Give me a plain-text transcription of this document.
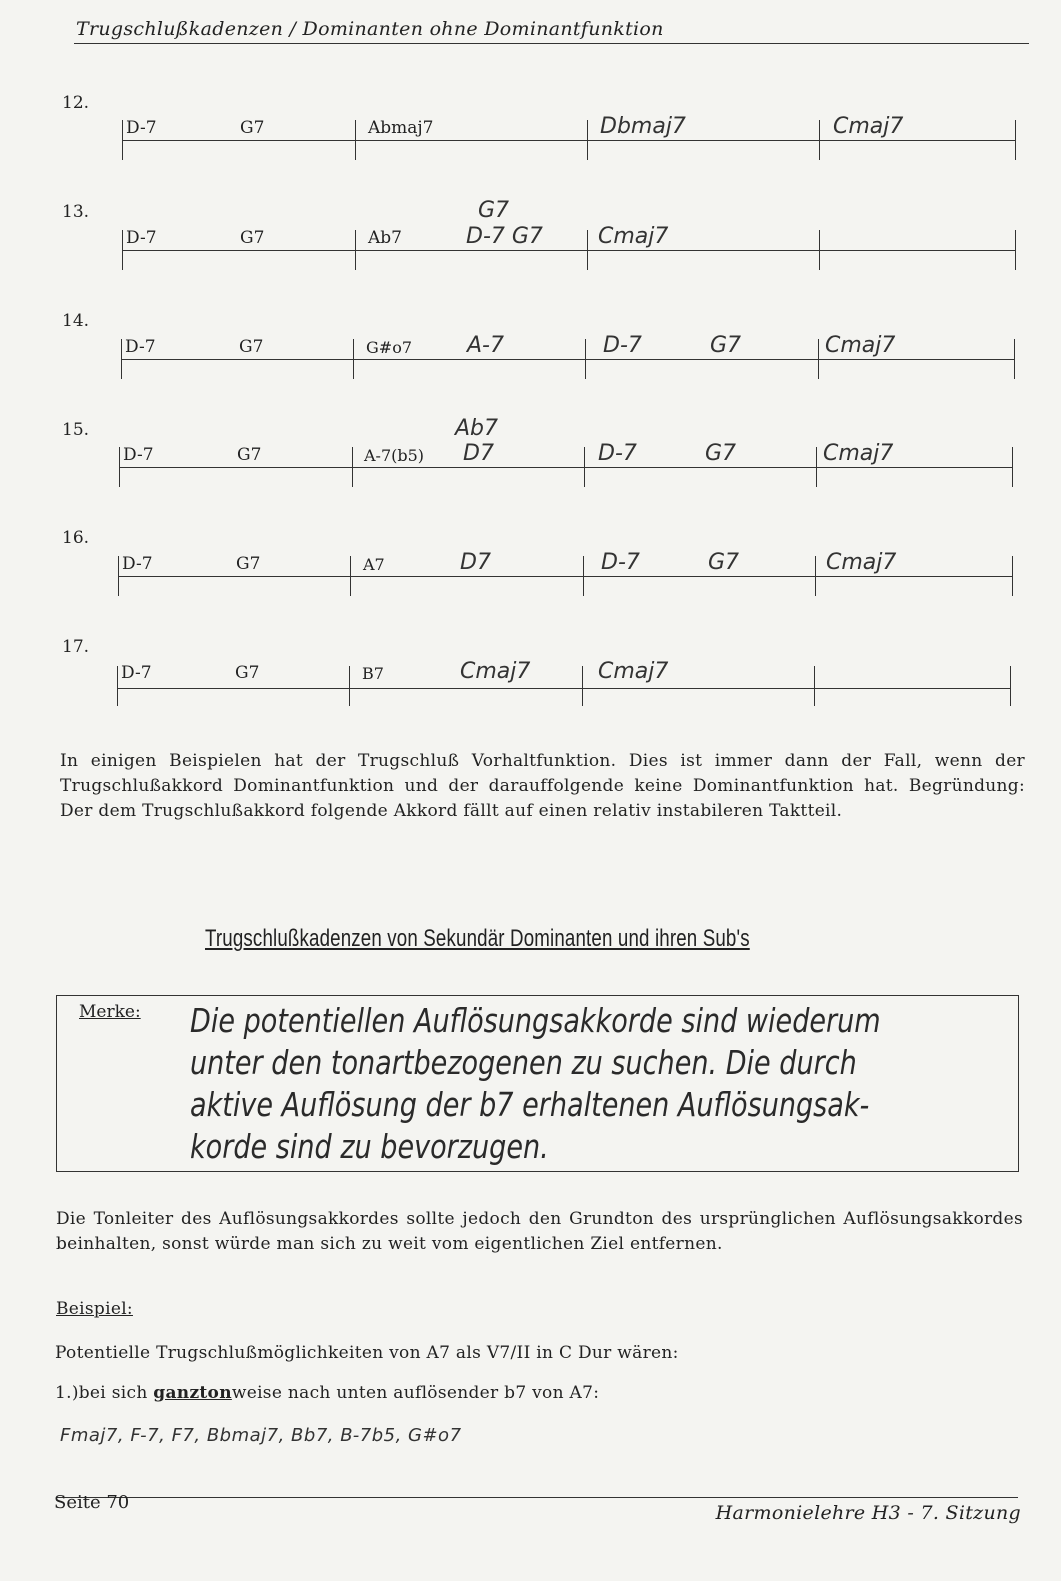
Trugschlußkadenzen / Dominanten ohne Dominantfunktion
12.
D-7	G7	Abmaj7	Dbmaj7	Cmaj7
13.
D-7	G7	Ab7
G7
D-7 G7	Cmaj7
14.
D-7	G7	G#o7	A-7	D-7	G7	Cmaj7
15.
D-7	G7	A-7(b5)
Ab7
D7	D-7	G7	Cmaj7
16.
D-7	G7	A7	D7	D-7	G7	Cmaj7
17.
D-7	G7	B7	Cmaj7	Cmaj7
In einigen Beispielen hat der Trugschluß Vorhaltfunktion. Dies ist immer dann der Fall, wenn der Trugschlußakkord Dominantfunktion und der darauffolgende keine Dominantfunktion hat. Begründung: Der dem Trugschlußakkord folgende Akkord fällt auf einen relativ instabileren Taktteil.
Trugschlußkadenzen von Sekundär Dominanten und ihren Sub's
Merke: Die potentiellen Auflösungsakkorde sind wiederum
unter den tonartbezogenen zu suchen. Die durch
aktive Auflösung der b7 erhaltenen Auflösungsak-
korde sind zu bevorzugen.
Die Tonleiter des Auflösungsakkordes sollte jedoch den Grundton des ursprünglichen Auflösungsakkordes beinhalten, sonst würde man sich zu weit vom eigentlichen Ziel entfernen.
Beispiel:
Potentielle Trugschlußmöglichkeiten von A7 als V7/II in C Dur wären:
1.)bei sich ganztonweise nach unten auflösender b7 von A7:
Fmaj7, F-7, F7, Bbmaj7, Bb7, B-7b5, G#o7
Seite 70	Harmonielehre H3 - 7. Sitzung
